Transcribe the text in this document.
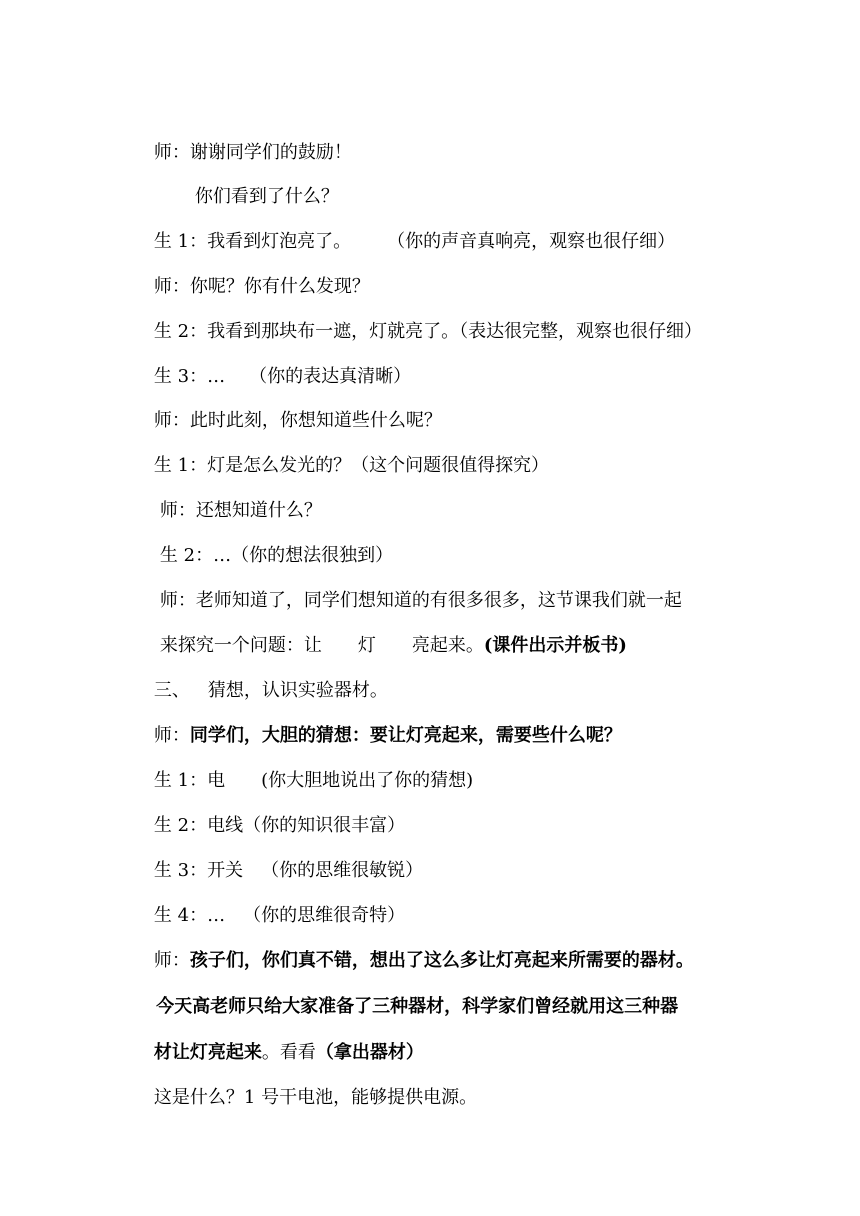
师：谢谢同学们的鼓励！

你们看到了什么？

生 1：我看到灯泡亮了。 （你的声音真响亮，观察也很仔细）

师：你呢？你有什么发现？

生 2：我看到那块布一遮，灯就亮了。（表达很完整，观察也很仔细）

生 3：… （你的表达真清晰）

师：此时此刻，你想知道些什么呢？

生 1：灯是怎么发光的？（这个问题很值得探究）

师：还想知道什么？

生 2：…（你的想法很独到）

师：老师知道了，同学们想知道的有很多很多，这节课我们就一起

来探究一个问题：让 灯 亮起来。(课件出示并板书)

三、 猜想，认识实验器材。

师：同学们，大胆的猜想：要让灯亮起来，需要些什么呢？

生 1：电 (你大胆地说出了你的猜想)

生 2：电线（你的知识很丰富）

生 3：开关 （你的思维很敏锐）

生 4：… （你的思维很奇特）

师：孩子们，你们真不错，想出了这么多让灯亮起来所需要的器材。

今天高老师只给大家准备了三种器材，科学家们曾经就用这三种器

材让灯亮起来。看看（拿出器材）

这是什么？1 号干电池，能够提供电源。
